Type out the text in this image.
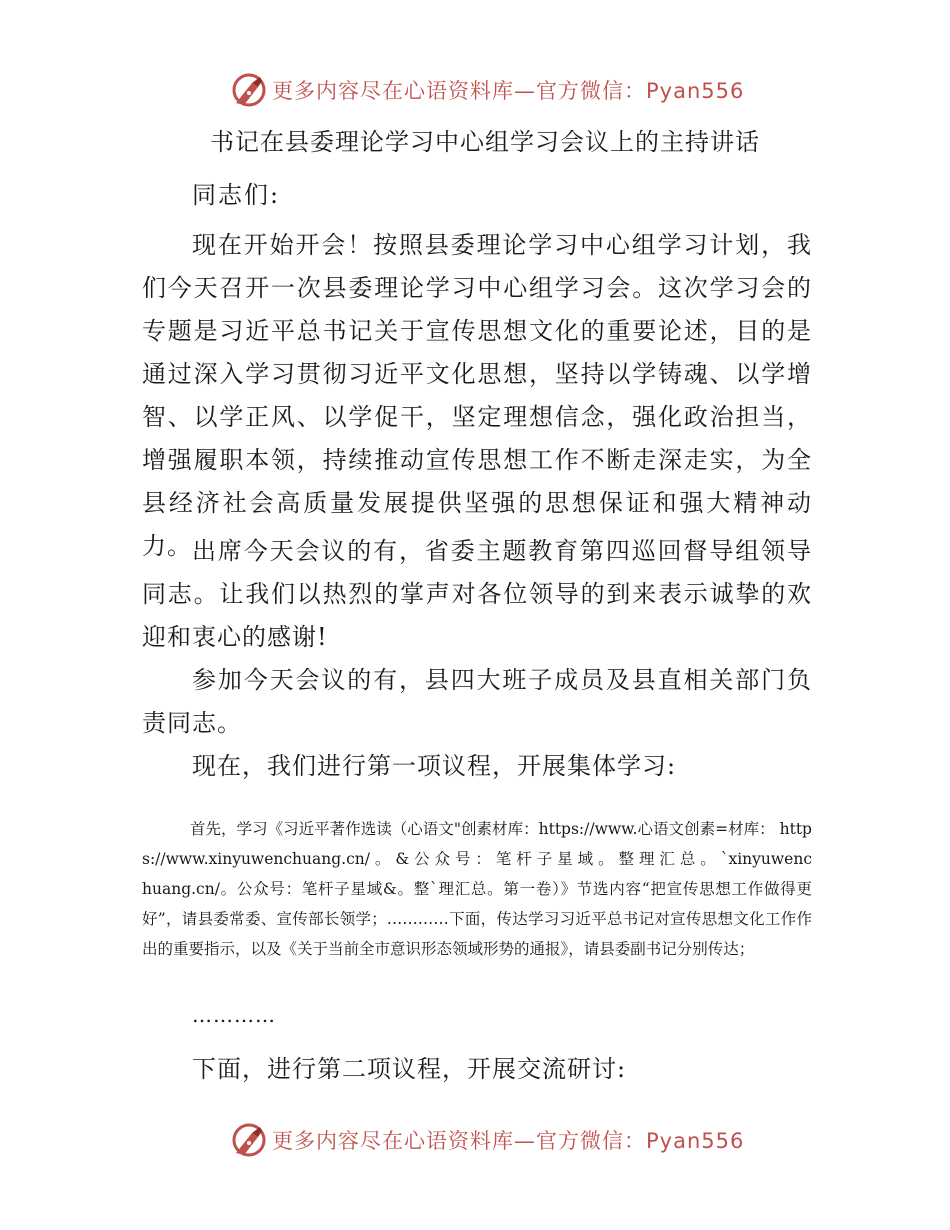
更多内容尽在心语资料库—官方微信：Pyan556
书记在县委理论学习中心组学习会议上的主持讲话
同志们:

现在开始开会！按照县委理论学习中心组学习计划，我们今天召开一次县委理论学习中心组学习会。这次学习会的专题是习近平总书记关于宣传思想文化的重要论述，目的是通过深入学习贯彻习近平文化思想，坚持以学铸魂、以学增智、以学正风、以学促干，坚定理想信念，强化政治担当，增强履职本领，持续推动宣传思想工作不断走深走实，为全县经济社会高质量发展提供坚强的思想保证和强大精神动力。 出席今天会议的有，省委主题教育第四巡回督导组领导同志。让我们以热烈的掌声对各位领导的到来表示诚挚的欢迎和衷心的感谢!

参加今天会议的有，县四大班子成员及县直相关部门负责同志。

现在，我们进行第一项议程，开展集体学习:

首先，学习《习近平著作选读（心语文"创素材库：https://www.心语文创素=材库： https://www.xinyuwenchuang.cn/ 。 & 公 众 号 ： 笔 杆 子 星 域 。 整 理 汇 总 。 `xinyuwenchuang.cn/。公众号：笔杆子星域&。整`理汇总。第一卷）》节选内容“把宣传思想工作做得更好”，请县委常委、宣传部长领学；…………下面，传达学习习近平总书记对宣传思想文化工作作出的重要指示，以及《关于当前全市意识形态领域形势的通报》，请县委副书记分别传达；

…………

下面，进行第二项议程，开展交流研讨:

更多内容尽在心语资料库—官方微信：Pyan556
